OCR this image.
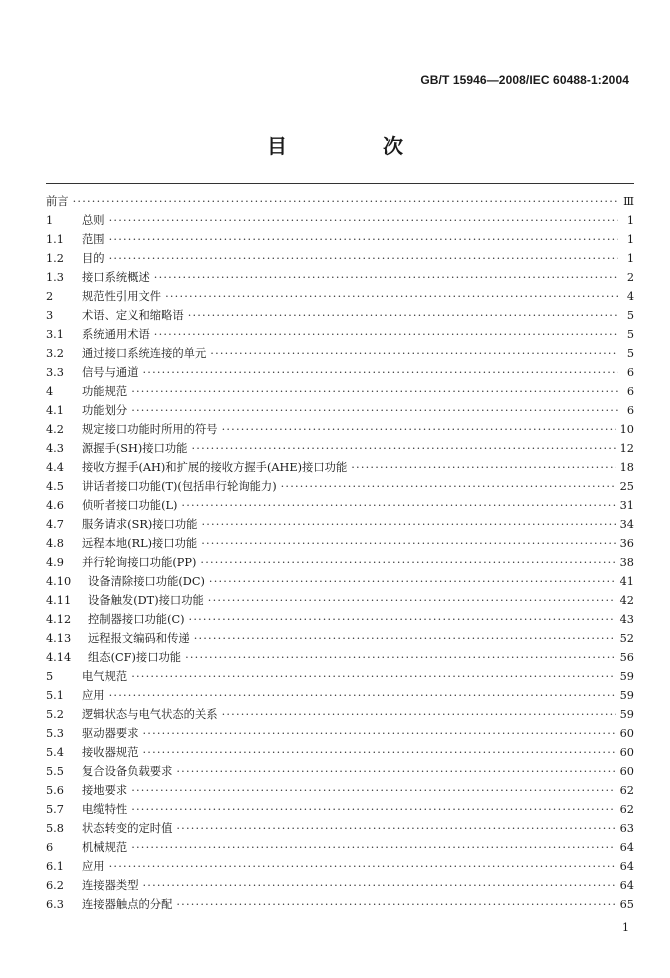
GB/T 15946—2008/IEC 60488-1:2004
目　次
前言 ·····	Ⅲ
1	总则 ·····	1
1.1	范围 ·····	1
1.2	目的 ·····	1
1.3	接口系统概述 ·····	2
2	规范性引用文件 ·····	4
3	术语、定义和缩略语 ·····	5
3.1	系统通用术语 ·····	5
3.2	通过接口系统连接的单元 ·····	5
3.3	信号与通道 ·····	6
4	功能规范 ·····	6
4.1	功能划分 ·····	6
4.2	规定接口功能时所用的符号 ·····	10
4.3	源握手(SH)接口功能 ·····	12
4.4	接收方握手(AH)和扩展的接收方握手(AHE)接口功能 ·····	18
4.5	讲话者接口功能(T)(包括串行轮询能力) ·····	25
4.6	侦听者接口功能(L) ·····	31
4.7	服务请求(SR)接口功能 ·····	34
4.8	远程本地(RL)接口功能 ·····	36
4.9	并行轮询接口功能(PP) ·····	38
4.10	设备清除接口功能(DC) ·····	41
4.11	设备触发(DT)接口功能 ·····	42
4.12	控制器接口功能(C) ·····	43
4.13	远程报文编码和传递 ·····	52
4.14	组态(CF)接口功能 ·····	56
5	电气规范 ·····	59
5.1	应用 ·····	59
5.2	逻辑状态与电气状态的关系 ·····	59
5.3	驱动器要求 ·····	60
5.4	接收器规范 ·····	60
5.5	复合设备负载要求 ·····	60
5.6	接地要求 ·····	62
5.7	电缆特性 ·····	62
5.8	状态转变的定时值 ·····	63
6	机械规范 ·····	64
6.1	应用 ·····	64
6.2	连接器类型 ·····	64
6.3	连接器触点的分配 ·····	65
1
